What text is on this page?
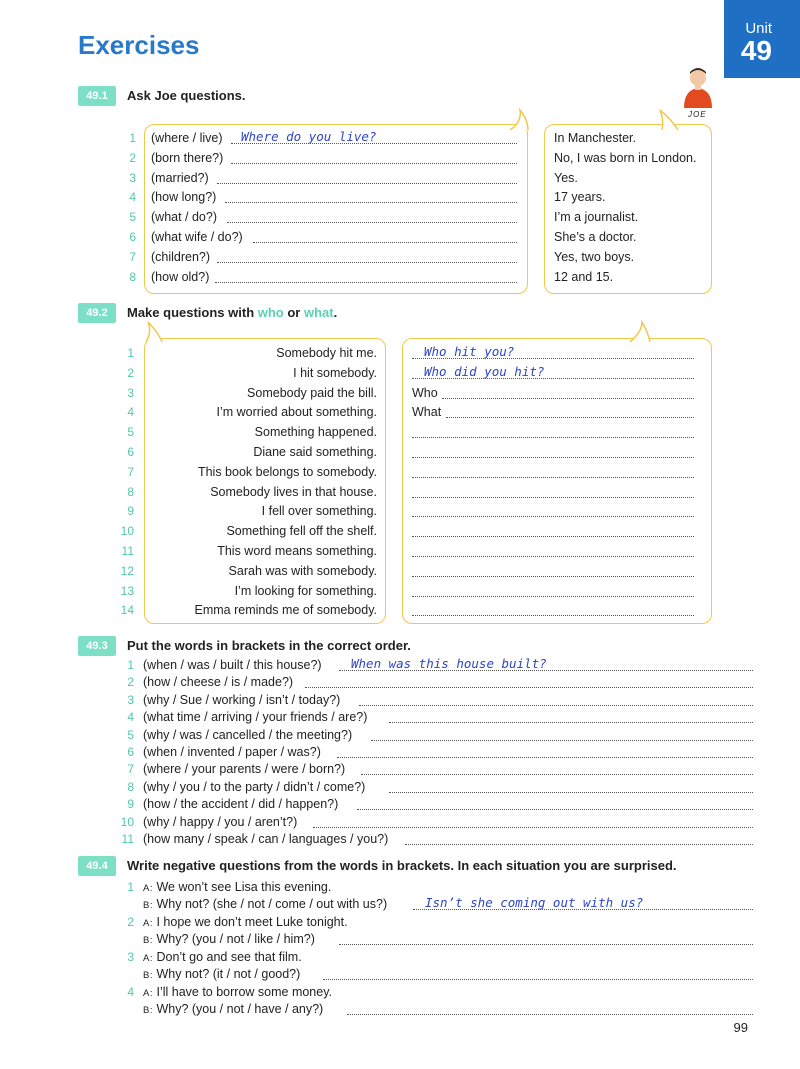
Exercises
Unit
49
49.1	Ask Joe questions.
JOE
1 (where / live) Where do you live?	In Manchester.
2 (born there?)	No, I was born in London.
3 (married?)	Yes.
4 (how long?)	17 years.
5 (what / do?)	I’m a journalist.
6 (what wife / do?)	She’s a doctor.
7 (children?)	Yes, two boys.
8 (how old?)	12 and 15.
49.2	Make questions with who or what.
1	Somebody hit me.	Who hit you?
2	I hit somebody.	Who did you hit?
3	Somebody paid the bill.	Who
4	I’m worried about something.	What
5	Something happened.
6	Diane said something.
7	This book belongs to somebody.
8	Somebody lives in that house.
9	I fell over something.
10	Something fell off the shelf.
11	This word means something.
12	Sarah was with somebody.
13	I’m looking for something.
14	Emma reminds me of somebody.
49.3	Put the words in brackets in the correct order.
1 (when / was / built / this house?) When was this house built?
2 (how / cheese / is / made?)
3 (why / Sue / working / isn’t / today?)
4 (what time / arriving / your friends / are?)
5 (why / was / cancelled / the meeting?)
6 (when / invented / paper / was?)
7 (where / your parents / were / born?)
8 (why / you / to the party / didn’t / come?)
9 (how / the accident / did / happen?)
10 (why / happy / you / aren’t?)
11 (how many / speak / can / languages / you?)
49.4	Write negative questions from the words in brackets. In each situation you are surprised.
1 A: We won’t see Lisa this evening.
B: Why not? (she / not / come / out with us?)	Isn’t she coming out with us?
2 A: I hope we don’t meet Luke tonight.
B: Why? (you / not / like / him?)
3 A: Don’t go and see that film.
B: Why not? (it / not / good?)
4 A: I’ll have to borrow some money.
B: Why? (you / not / have / any?)
99
